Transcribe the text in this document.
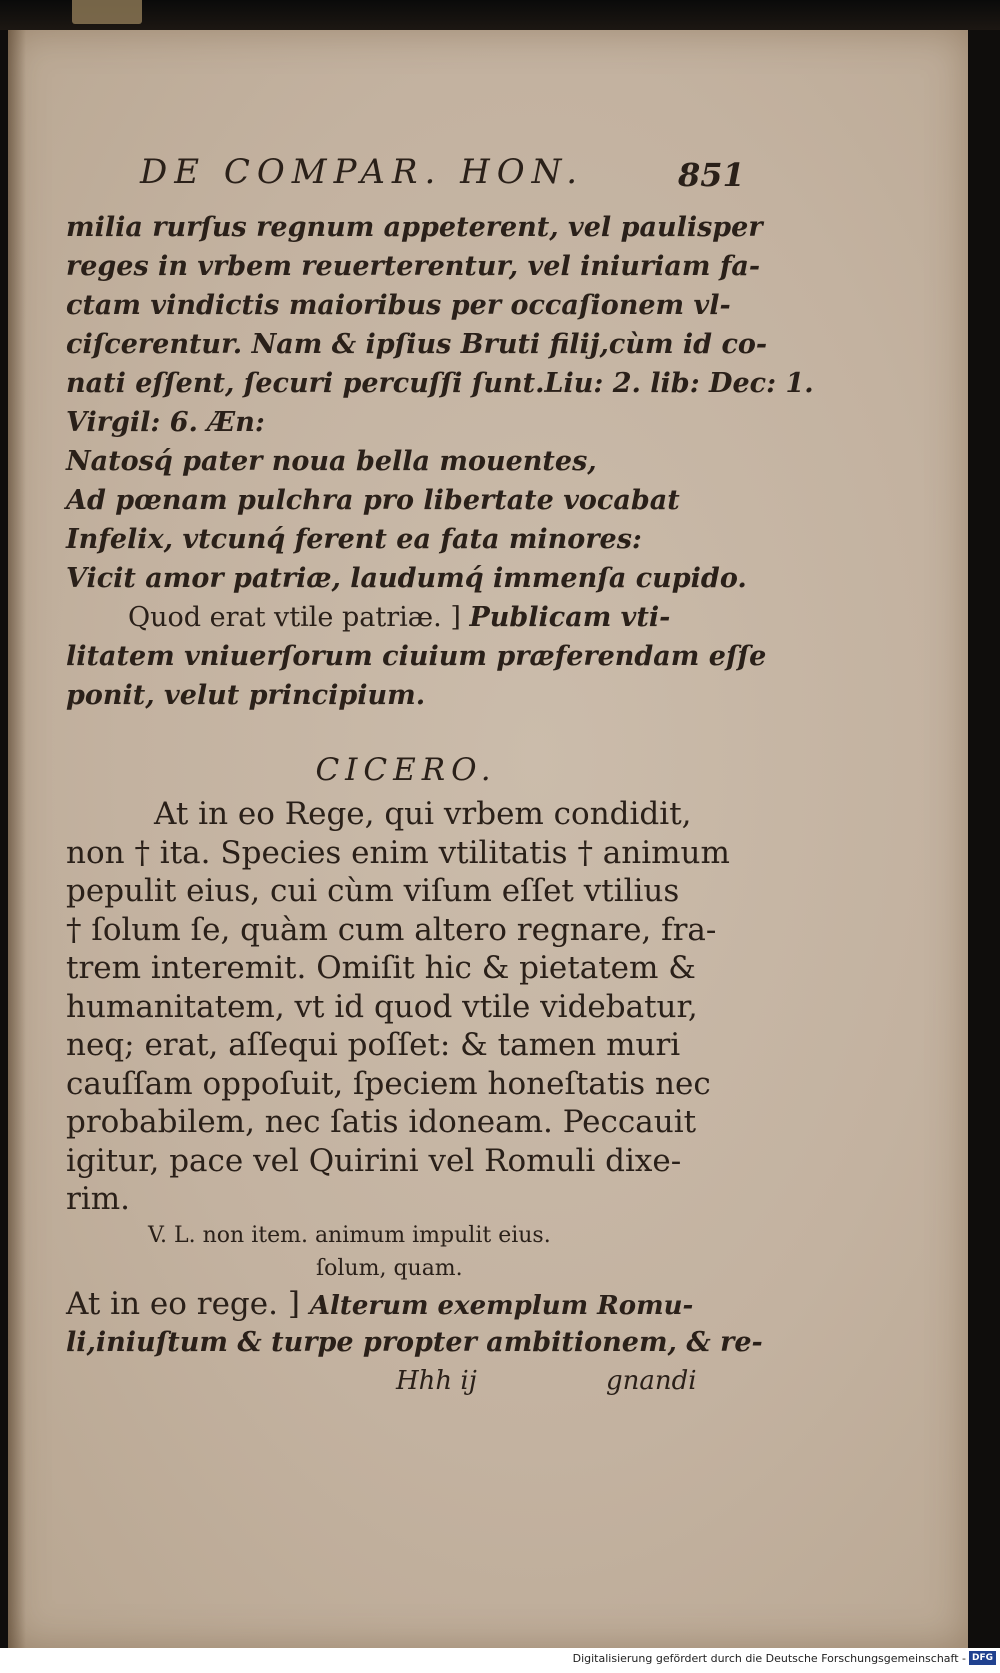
DE COMPAR. HON.	851
milia rurſus regnum appeterent, vel paulisper
reges in vrbem reuerterentur, vel iniuriam fa-
ctam vindictis maioribus per occaſionem vl-
ciſcerentur. Nam & ipſius Bruti filij,cùm id co-
nati eſſent, ſecuri percuſſi ſunt.Liu: 2. lib: Dec: 1.
Virgil: 6. Æn:
Natosq́ pater noua bella mouentes,
Ad pœnam pulchra pro libertate vocabat
Infelix, vtcunq́ ferent ea fata minores:
Vicit amor patriæ, laudumq́ immenſa cupido.
Quod erat vtile patriæ. ] Publicam vti-
litatem vniuerſorum ciuium præferendam eſſe
ponit, velut principium.
CICERO.
At in eo Rege, qui vrbem condidit,
non † ita. Species enim vtilitatis † animum
pepulit eius, cui cùm viſum eſſet vtilius
† ſolum ſe, quàm cum altero regnare, fra-
trem interemit. Omiſit hic & pietatem &
humanitatem, vt id quod vtile videbatur,
neq; erat, aſſequi poſſet: & tamen muri
cauſſam oppoſuit, ſpeciem honeſtatis nec
probabilem, nec ſatis idoneam. Peccauit
igitur, pace vel Quirini vel Romuli dixe-
rim.
V. L. non item. animum impulit eius.
ſolum, quam.
At in eo rege. ] Alterum exemplum Romu-
li,iniuſtum & turpe propter ambitionem, & re-
Hhh ij	gnandi
Digitalisierung gefördert durch die Deutsche Forschungsgemeinschaft - DFG
